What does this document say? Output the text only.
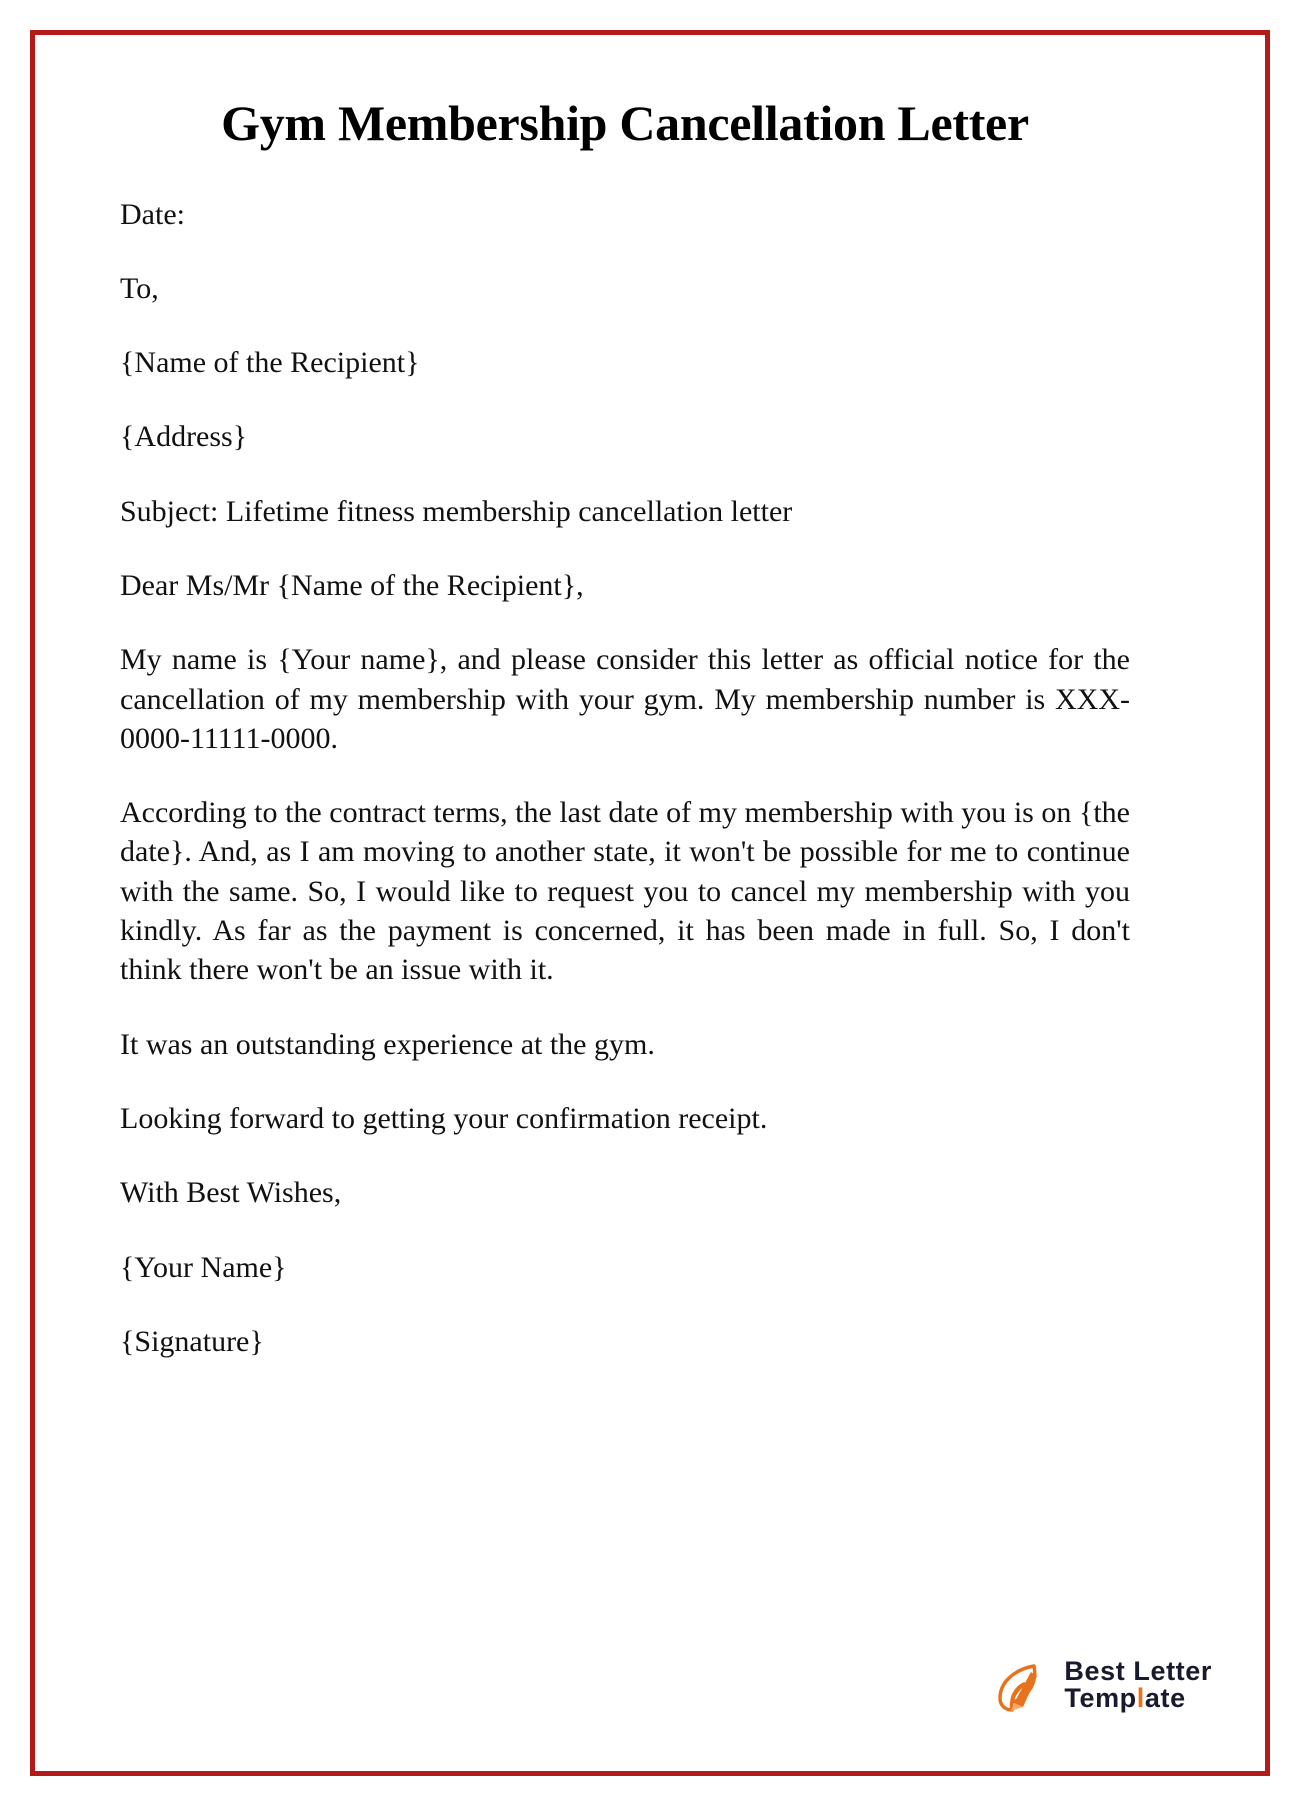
Gym Membership Cancellation Letter

Date:

To,

{Name of the Recipient}

{Address}

Subject: Lifetime fitness membership cancellation letter

Dear Ms/Mr {Name of the Recipient},

My name is {Your name}, and please consider this letter as official notice for the cancellation of my membership with your gym. My membership number is XXX-0000-11111-0000.

According to the contract terms, the last date of my membership with you is on {the date}. And, as I am moving to another state, it won't be possible for me to continue with the same. So, I would like to request you to cancel my membership with you kindly. As far as the payment is concerned, it has been made in full. So, I don't think there won't be an issue with it.

It was an outstanding experience at the gym.

Looking forward to getting your confirmation receipt.

With Best Wishes,

{Your Name}

{Signature}

Best Letter
Template
